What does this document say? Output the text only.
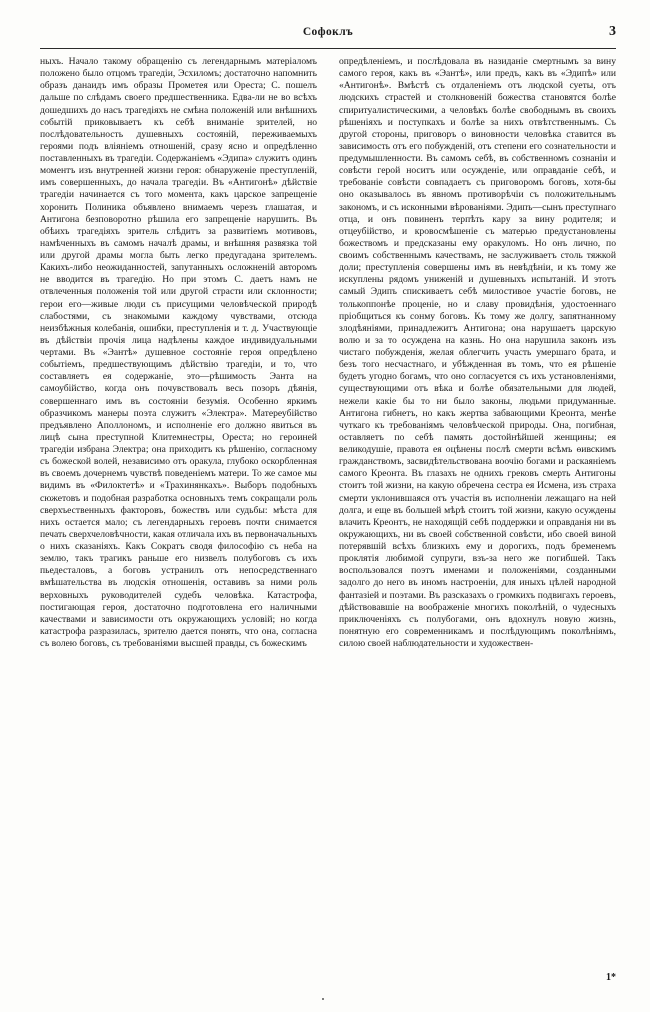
Софоклъ	3

ныхъ. Начало такому обращенію съ легендарнымъ матеріаломъ положено было отцомъ трагедіи, Эсхиломъ; достаточно напомнить образъ данаидъ имъ образы Прометея или Ореста; С. пошелъ дальше по слѣдамъ своего предшественника. Едва-ли не во всѣхъ дошедшихъ до насъ трагедіяхъ не смѣна положеній или внѣшнихъ событій приковываетъ къ себѣ вниманіе зрителей, но послѣдовательность душевныхъ состояній, переживаемыхъ героями подъ вліяніемъ отношеній, сразу ясно и опредѣленно поставленныхъ въ трагедіи. Содержаніемъ «Эдипа» служитъ одинъ моментъ изъ внутренней жизни героя: обнаруженіе преступленій, имъ совершенныхъ, до начала трагедіи. Въ «Антигонѣ» дѣйствіе трагедіи начинается съ того момента, какъ царское запрещеніе хоронить Полиника объявлено внимаемъ черезъ глашатая, и Антигона безповоротно рѣшила его запрещеніе нарушить. Въ обѣихъ трагедіяхъ зритель слѣдитъ за развитіемъ мотивовъ, намѣченныхъ въ самомъ началѣ драмы, и внѣшняя развязка той или другой драмы могла быть легко предугадана зрителемъ. Какихъ-либо неожиданностей, запутанныхъ осложненій авторомъ не вводится въ трагедію. Но при этомъ С. даетъ намъ не отвлеченныя положенія той или другой страсти или склонности; герои его—живые люди съ присущими человѣческой природѣ слабостями, съ знакомыми каждому чувствами, отсюда неизбѣжныя колебанія, ошибки, преступленія и т. д. Участвующіе въ дѣйствіи прочія лица надѣлены каждое индивидуальными чертами. Въ «Эантѣ» душевное состояніе героя опредѣлено событіемъ, предшествующимъ дѣйствію трагедіи, и то, что составляетъ ея содержаніе, это—рѣшимость Эанта на самоубійство, когда онъ почувствовалъ весь позоръ дѣянія, совершеннаго имъ въ состояніи безумія. Особенно яркимъ образчикомъ манеры поэта служитъ «Электра». Матереубійство предъявлено Аполлономъ, и исполненіе его должно явиться въ лицѣ сына преступной Клитемнестры, Ореста; но героиней трагедіи избрана Электра; она приходитъ къ рѣшенію, согласному съ божеской волей, независимо отъ оракула, глубоко оскорбленная въ своемъ дочернемъ чувствѣ поведеніемъ матери. То же самое мы видимъ въ «Филоктетѣ» и «Трахинянкахъ». Выборъ подобныхъ сюжетовъ и подобная разработка основныхъ темъ сокращали роль сверхъественныхъ факторовъ, божествъ или судьбы: мѣста для нихъ остается мало; съ легендарныхъ героевъ почти снимается печать сверхчеловѣчности, какая отличала ихъ въ первоначальныхъ о нихъ сказаніяхъ. Какъ Сократъ сводя философію съ неба на землю, такъ трагикъ раньше его низвелъ полубоговъ съ ихъ пьедесталовъ, а боговъ устранилъ отъ непосредственнаго вмѣшательства въ людскія отношенія, оставивъ за ними роль верховныхъ руководителей судебъ человѣка. Катастрофа, постигающая героя, достаточно подготовлена его наличными качествами и зависимости отъ окружающихъ условій; но когда катастрофа разразилась, зрителю дается понять, что она, согласна съ волею боговъ, съ требованіями высшей правды, съ божескимъ

опредѣленіемъ, и послѣдовала въ назиданіе смертнымъ за вину самого героя, какъ въ «Эантѣ», или предъ, какъ въ «Эдипѣ» или «Антигонѣ». Вмѣстѣ съ отдаленіемъ отъ людской суеты, отъ людскихъ страстей и столкновеній божества становятся болѣе спиритуалистическими, а человѣкъ болѣе свободнымъ въ своихъ рѣшеніяхъ и поступкахъ и болѣе за нихъ отвѣтственнымъ. Съ другой стороны, приговоръ о виновности человѣка ставится въ зависимость отъ его побужденій, отъ степени его сознательности и предумышленности. Въ самомъ себѣ, въ собственномъ сознаніи и совѣсти герой носитъ или осужденіе, или оправданіе себѣ, и требованіе совѣсти совпадаетъ съ приговоромъ боговъ, хотя-бы оно оказывалось въ явномъ противорѣчіи съ положительнымъ закономъ, и съ исконными вѣрованіями. Эдипъ—сынъ преступнаго отца, и онъ повиненъ терпѣть кару за вину родителя; и отцеубійство, и кровосмѣшеніе съ матерью предустановлены божествомъ и предсказаны ему оракуломъ. Но онъ лично, по своимъ собственнымъ качествамъ, не заслуживаетъ столь тяжкой доли; преступленія совершены имъ въ невѣдѣніи, и къ тому же искуплены рядомъ униженій и душевныхъ испытаній. И этотъ самый Эдипъ спискиваетъ себѣ милостивое участіе боговъ, не толькоппонѣе проценіе, но и славу провидѣнія, удостоеннаго пріобщиться къ сонму боговъ. Къ тому же долгу, запятнанному злодѣяніями, принадлежитъ Антигона; она нарушаетъ царскую волю и за то осуждена на казнь. Но она нарушила законъ изъ чистаго побужденія, желая облегчить участь умершаго брата, и безъ того несчастнаго, и убѣжденная въ томъ, что ея рѣшеніе будетъ угодно богамъ, что оно согласуется съ ихъ установленіями, существующими отъ вѣка и болѣе обязательными для людей, нежели какіе бы то ни было законы, людьми придуманные. Антигона гибнетъ, но какъ жертва забвающими Креонта, менѣе чуткаго къ требованіямъ человѣческой природы. Она, погибная, оставляетъ по себѣ память достойнѣйшей женщины; ея великодушіе, правота ея оцѣнены послѣ смерти всѣмъ ѳивскимъ гражданствомъ, засвидѣтельствована воочію богами и раскаяніемъ самого Креонта. Въ глазахъ не однихъ грековъ смерть Антигоны стоитъ той жизни, на какую обречена сестра ея Исмена, изъ страха смерти уклонившаяся отъ участія въ исполненіи лежащаго на ней долга, и еще въ большей мѣрѣ стоитъ той жизни, какую осуждены влачить Креонтъ, не находящій себѣ поддержки и оправданія ни въ окружающихъ, ни въ своей собственной совѣсти, ибо своей виной потерявшій всѣхъ близкихъ ему и дорогихъ, подъ бременемъ проклятія любимой супруги, взъ-за него же погибшей. Такъ воспользовался поэтъ именами и положеніями, созданными задолго до него въ иномъ настроеніи, для иныхъ цѣлей народной фантазіей и поэтами. Въ разсказахъ о громкихъ подвигахъ героевъ, дѣйствовавшіе на воображеніе многихъ поколѣній, о чудесныхъ приключеніяхъ съ полубогами, онъ вдохнулъ новую жизнь, понятную его современникамъ и послѣдующимъ поколѣніямъ, силою своей наблюдательности и художествен-

1*
